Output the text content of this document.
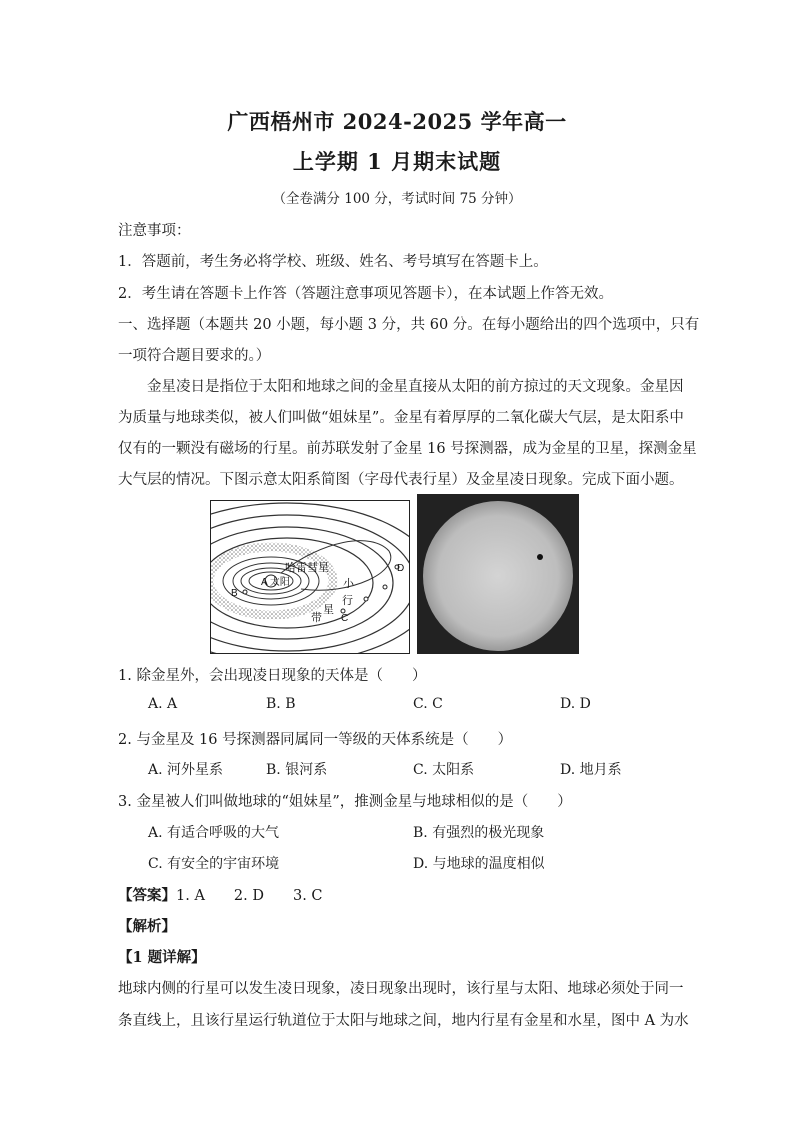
广西梧州市 2024-2025 学年高一
上学期 1 月期末试题
（全卷满分 100 分，考试时间 75 分钟）
注意事项：
1．答题前，考生务必将学校、班级、姓名、考号填写在答题卡上。
2．考生请在答题卡上作答（答题注意事项见答题卡），在本试题上作答无效。
一、选择题（本题共 20 小题，每小题 3 分，共 60 分。在每小题给出的四个选项中，只有
一项符合题目要求的。）
金星凌日是指位于太阳和地球之间的金星直接从太阳的前方掠过的天文现象。金星因
为质量与地球类似，被人们叫做“姐妹星”。金星有着厚厚的二氧化碳大气层，是太阳系中
仅有的一颗没有磁场的行星。前苏联发射了金星 16 号探测器，成为金星的卫星，探测金星
大气层的情况。下图示意太阳系简图（字母代表行星）及金星凌日现象。完成下面小题。
哈雷彗星
A 太阳
B
C
D
小
行
星
带
1. 除金星外，会出现凌日现象的天体是（　　）
A. A	B. B	C. C	D. D
2. 与金星及 16 号探测器同属同一等级的天体系统是（　　）
A. 河外星系	B. 银河系	C. 太阳系	D. 地月系
3. 金星被人们叫做地球的“姐妹星”，推测金星与地球相似的是（　　）
A. 有适合呼吸的大气	B. 有强烈的极光现象
C. 有安全的宇宙环境	D. 与地球的温度相似
【答案】1. A　　2. D　　3. C
【解析】
【1 题详解】
地球内侧的行星可以发生凌日现象，凌日现象出现时，该行星与太阳、地球必须处于同一
条直线上，且该行星运行轨道位于太阳与地球之间，地内行星有金星和水星，图中 A 为水
